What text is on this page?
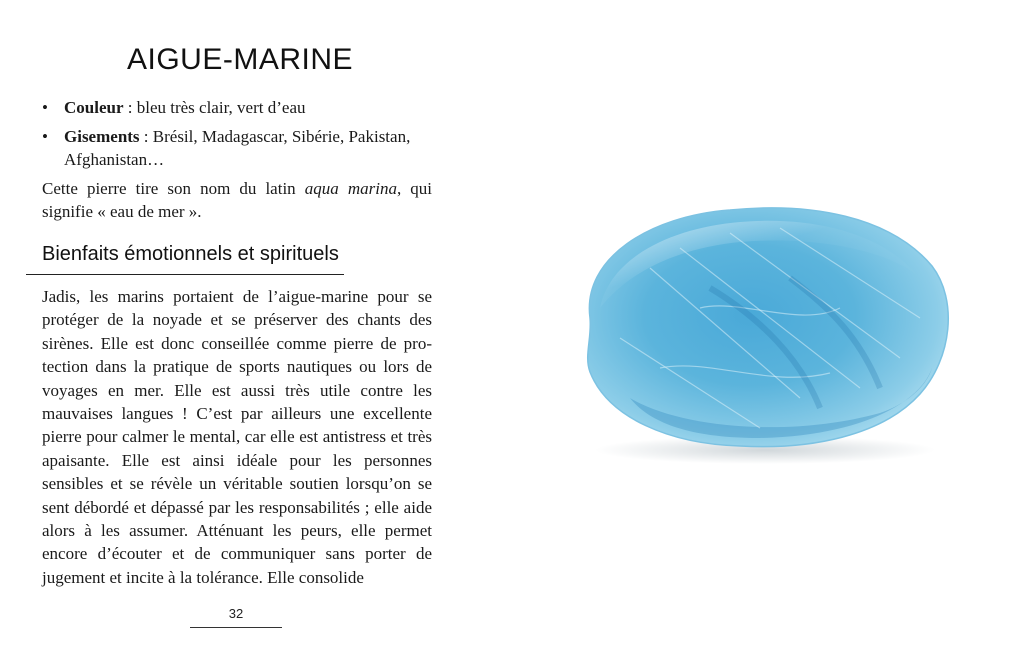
AIGUE-MARINE
• Couleur : bleu très clair, vert d’eau
• Gisements : Brésil, Madagascar, Sibérie, Pakistan, Afghanistan…

Cette pierre tire son nom du latin aqua marina, qui signifie « eau de mer ».

Bienfaits émotionnels et spirituels

Jadis, les marins portaient de l’aigue-marine pour se protéger de la noyade et se préserver des chants des sirènes. Elle est donc conseillée comme pierre de protection dans la pratique de sports nautiques ou lors de voyages en mer. Elle est aussi très utile contre les mauvaises langues ! C’est par ailleurs une excellente pierre pour calmer le mental, car elle est antistress et très apaisante. Elle est ainsi idéale pour les personnes sensibles et se révèle un véritable soutien lorsqu’on se sent débordé et dépassé par les responsabilités ; elle aide alors à les assumer. Atténuant les peurs, elle permet encore d’écouter et de communiquer sans porter de jugement et incite à la tolérance. Elle consolide

32
